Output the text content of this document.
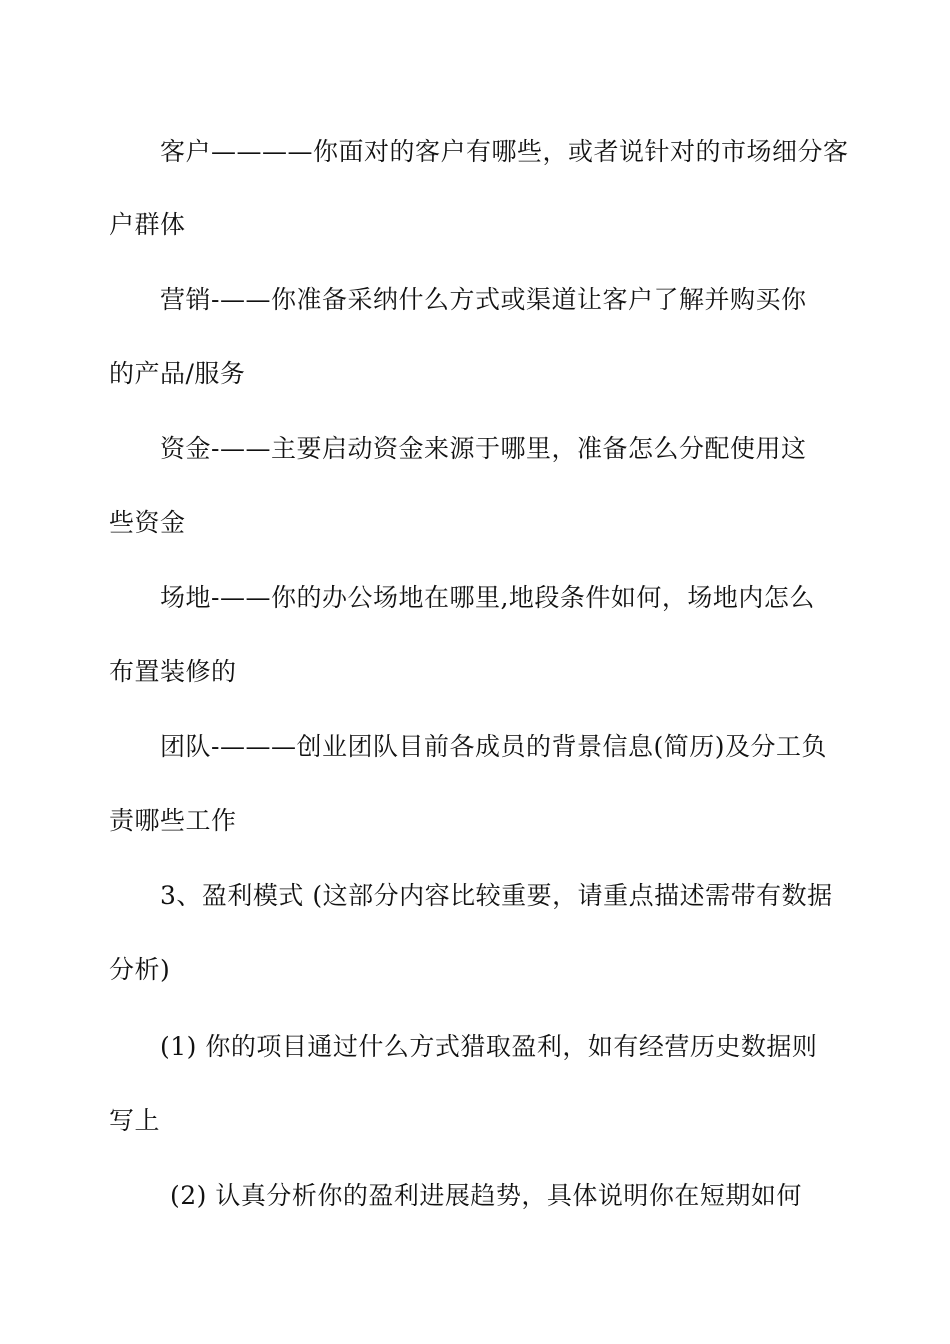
客户————你面对的客户有哪些，或者说针对的市场细分客
户群体
营销-——你准备采纳什么方式或渠道让客户了解并购买你
的产品/服务
资金-——主要启动资金来源于哪里，准备怎么分配使用这
些资金
场地-——你的办公场地在哪里,地段条件如何，场地内怎么
布置装修的
团队-———创业团队目前各成员的背景信息(简历)及分工负
责哪些工作
3、盈利模式 (这部分内容比较重要，请重点描述需带有数据
分析)
(1) 你的项目通过什么方式猎取盈利，如有经营历史数据则
写上
(2) 认真分析你的盈利进展趋势，具体说明你在短期如何
